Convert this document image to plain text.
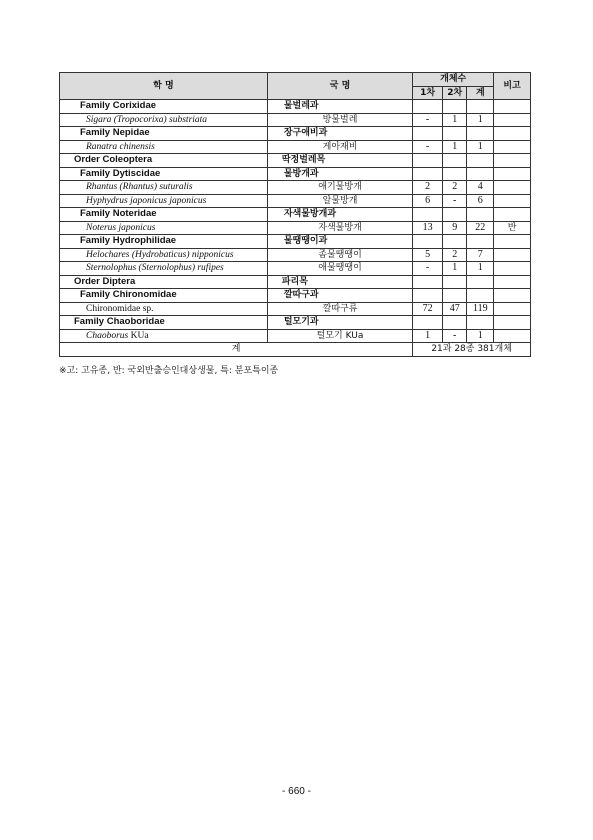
학 명	국 명	개체수			비고
		1차	2차	계	
Family Corixidae	물벌레과				
Sigara (Tropocorixa) substriata	방물벌레	-	1	1	
Family Nepidae	장구애비과				
Ranatra chinensis	게아재비	-	1	1	
Order Coleoptera	딱정벌레목				
Family Dytiscidae	물방개과				
Rhantus (Rhantus) suturalis	애기물방개	2	2	4	
Hyphydrus japonicus japonicus	알물방개	6	-	6	
Family Noteridae	자색물방개과				
Noterus japonicus	자색물방개	13	9	22	반
Family Hydrophilidae	물땡땡이과				
Helochares (Hydrobaticus) nipponicus	좀물땡땡이	5	2	7	
Sternolophus (Sternolophus) rufipes	애물땡땡이	-	1	1	
Order Diptera	파리목				
Family Chironomidae	깔따구과				
Chironomidae sp.	깔따구류	72	47	119	
Family Chaoboridae	털모기과				
Chaoborus KUa	털모기 KUa	1	-	1	
계		21과 28종 381개체			
※고: 고유종, 반: 국외반출승인대상생물, 특: 분포특이종
- 660 -
